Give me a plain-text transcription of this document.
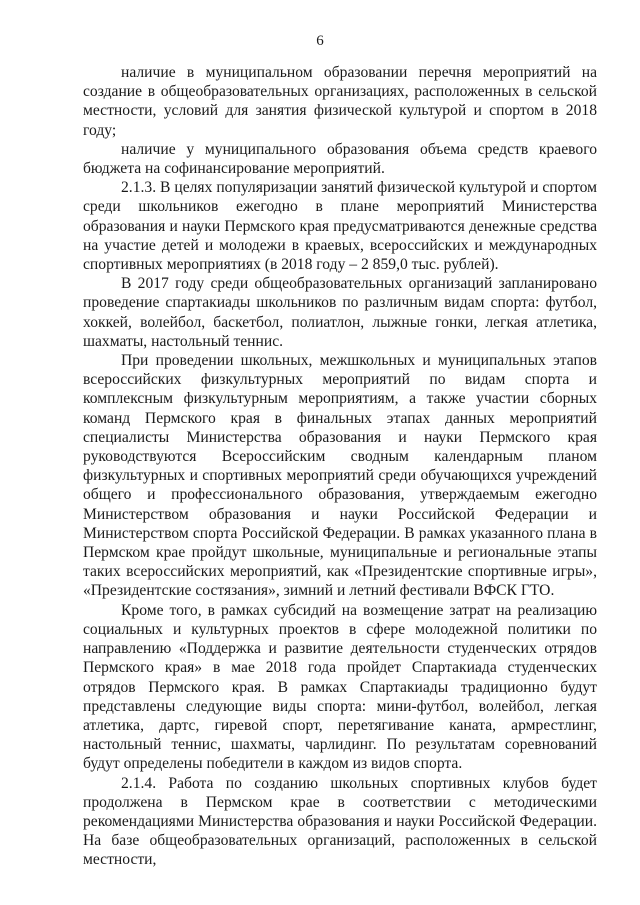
6

наличие в муниципальном образовании перечня мероприятий на создание в общеобразовательных организациях, расположенных в сельской местности, условий для занятия физической культурой и спортом в 2018 году;

наличие у муниципального образования объема средств краевого бюджета на софинансирование мероприятий.

2.1.3. В целях популяризации занятий физической культурой и спортом среди школьников ежегодно в плане мероприятий Министерства образования и науки Пермского края предусматриваются денежные средства на участие детей и молодежи в краевых, всероссийских и международных спортивных мероприятиях (в 2018 году – 2 859,0 тыс. рублей).

В 2017 году среди общеобразовательных организаций запланировано проведение спартакиады школьников по различным видам спорта: футбол, хоккей, волейбол, баскетбол, полиатлон, лыжные гонки, легкая атлетика, шахматы, настольный теннис.

При проведении школьных, межшкольных и муниципальных этапов всероссийских физкультурных мероприятий по видам спорта и комплексным физкультурным мероприятиям, а также участии сборных команд Пермского края в финальных этапах данных мероприятий специалисты Министерства образования и науки Пермского края руководствуются Всероссийским сводным календарным планом физкультурных и спортивных мероприятий среди обучающихся учреждений общего и профессионального образования, утверждаемым ежегодно Министерством образования и науки Российской Федерации и Министерством спорта Российской Федерации. В рамках указанного плана в Пермском крае пройдут школьные, муниципальные и региональные этапы таких всероссийских мероприятий, как «Президентские спортивные игры», «Президентские состязания», зимний и летний фестивали ВФСК ГТО.

Кроме того, в рамках субсидий на возмещение затрат на реализацию социальных и культурных проектов в сфере молодежной политики по направлению «Поддержка и развитие деятельности студенческих отрядов Пермского края» в мае 2018 года пройдет Спартакиада студенческих отрядов Пермского края. В рамках Спартакиады традиционно будут представлены следующие виды спорта: мини-футбол, волейбол, легкая атлетика, дартс, гиревой спорт, перетягивание каната, армрестлинг, настольный теннис, шахматы, чарлидинг. По результатам соревнований будут определены победители в каждом из видов спорта.

2.1.4. Работа по созданию школьных спортивных клубов будет продолжена в Пермском крае в соответствии с методическими рекомендациями Министерства образования и науки Российской Федерации. На базе общеобразовательных организаций, расположенных в сельской местности,
